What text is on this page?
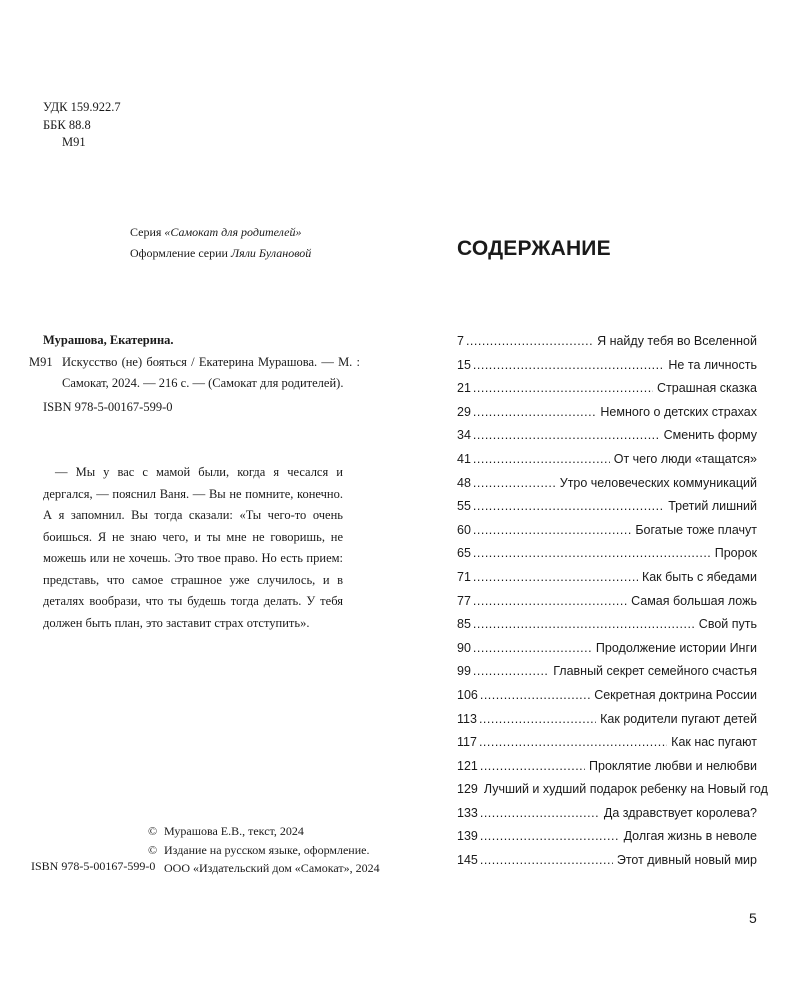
УДК 159.922.7
ББК 88.8
М91
Серия «Самокат для родителей»
Оформление серии Ляли Булановой
Мурашова, Екатерина.
М91 Искусство (не) бояться / Екатерина Мурашова. — М. : Самокат, 2024. — 216 с. — (Самокат для родителей).
ISBN 978-5-00167-599-0
— Мы у вас с мамой были, когда я чесался и дергался, — пояснил Ваня. — Вы не помните, конечно. А я запомнил. Вы тогда сказали: «Ты чего-то очень боишься. Я не знаю чего, и ты мне не говоришь, не можешь или не хочешь. Это твое право. Но есть прием: представь, что самое страшное уже случилось, и в деталях вообрази, что ты будешь тогда делать. У тебя должен быть план, это заставит страх отступить».
© Мурашова Е.В., текст, 2024
© Издание на русском языке, оформление.
ООО «Издательский дом «Самокат», 2024
ISBN 978-5-00167-599-0
СОДЕРЖАНИЕ
7 .....	Я найду тебя во Вселенной
15 .....	Не та личность
21 .....	Страшная сказка
29 .....	Немного о детских страхах
34 .....	Сменить форму
41 .....	От чего люди «тащатся»
48 .....	Утро человеческих коммуникаций
55 .....	Третий лишний
60 .....	Богатые тоже плачут
65 .....	Пророк
71 .....	Как быть с ябедами
77 .....	Самая большая ложь
85 .....	Свой путь
90 .....	Продолжение истории Инги
99 .....	Главный секрет семейного счастья
106 .....	Секретная доктрина России
113 .....	Как родители пугают детей
117 .....	Как нас пугают
121 .....	Проклятие любви и нелюбви
129 Лучший и худший подарок ребенку на Новый год
133 .....	Да здравствует королева?
139 .....	Долгая жизнь в неволе
145 .....	Этот дивный новый мир
5
